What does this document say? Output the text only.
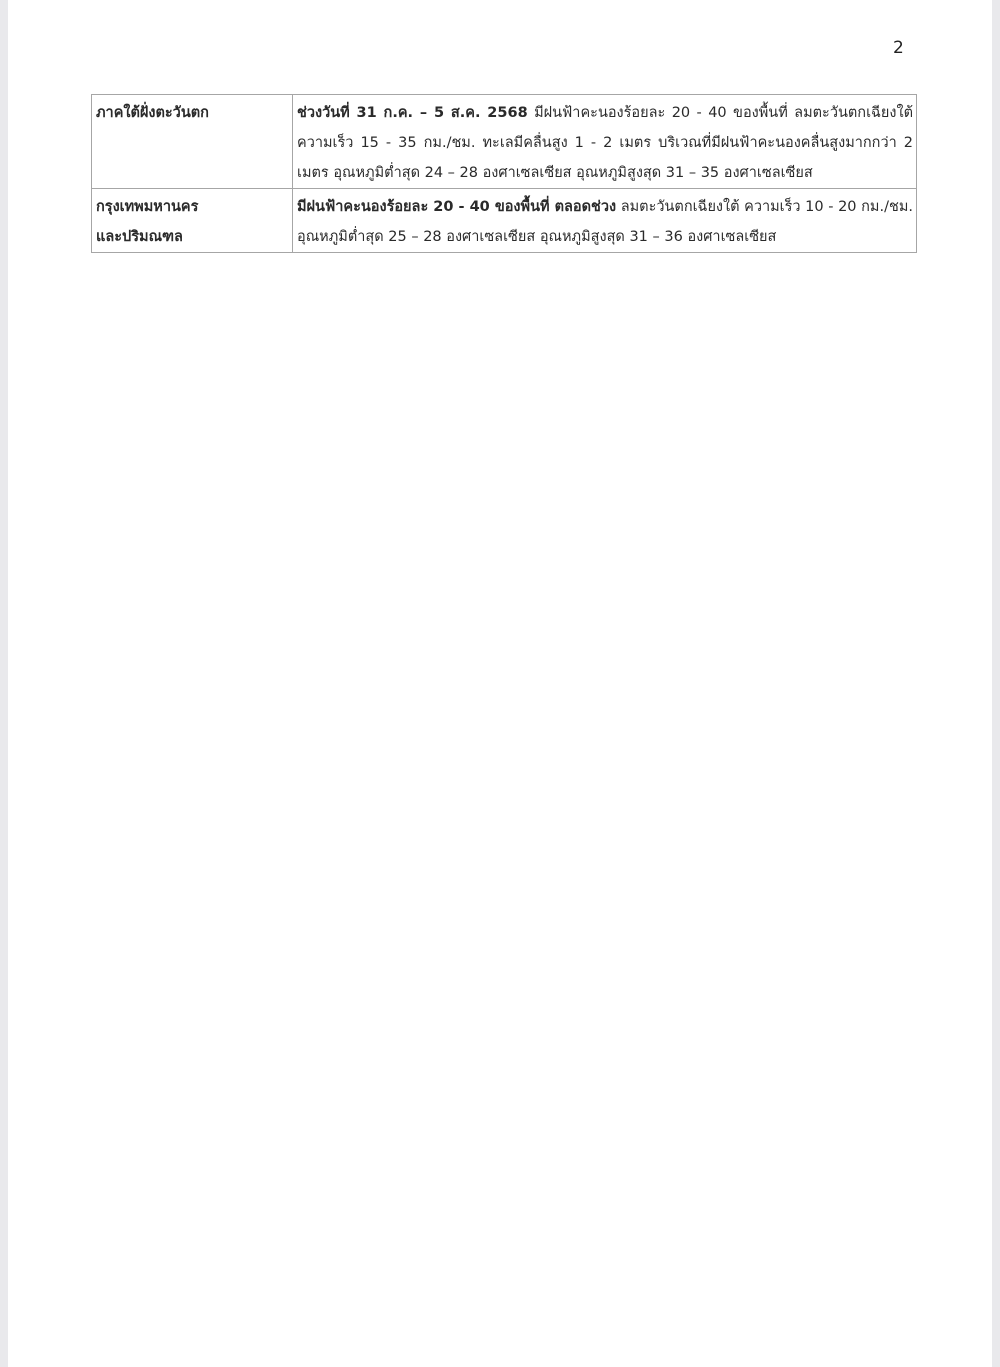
2
ภาคใต้ฝั่งตะวันตก	ช่วงวันที่ 31 ก.ค. – 5 ส.ค. 2568 มีฝนฟ้าคะนองร้อยละ 20 - 40 ของพื้นที่ ลมตะวันตกเฉียงใต้ ความเร็ว 15 - 35 กม./ชม. ทะเลมีคลื่นสูง 1 - 2 เมตร บริเวณที่มีฝนฟ้าคะนองคลื่นสูงมากกว่า 2 เมตร อุณหภูมิต่ำสุด 24 – 28 องศาเซลเซียส อุณหภูมิสูงสุด 31 – 35 องศาเซลเซียส

กรุงเทพมหานคร
และปริมณฑล	มีฝนฟ้าคะนองร้อยละ 20 - 40 ของพื้นที่ ตลอดช่วง ลมตะวันตกเฉียงใต้ ความเร็ว 10 - 20 กม./ชม. อุณหภูมิต่ำสุด 25 – 28 องศาเซลเซียส อุณหภูมิสูงสุด 31 – 36 องศาเซลเซียส
